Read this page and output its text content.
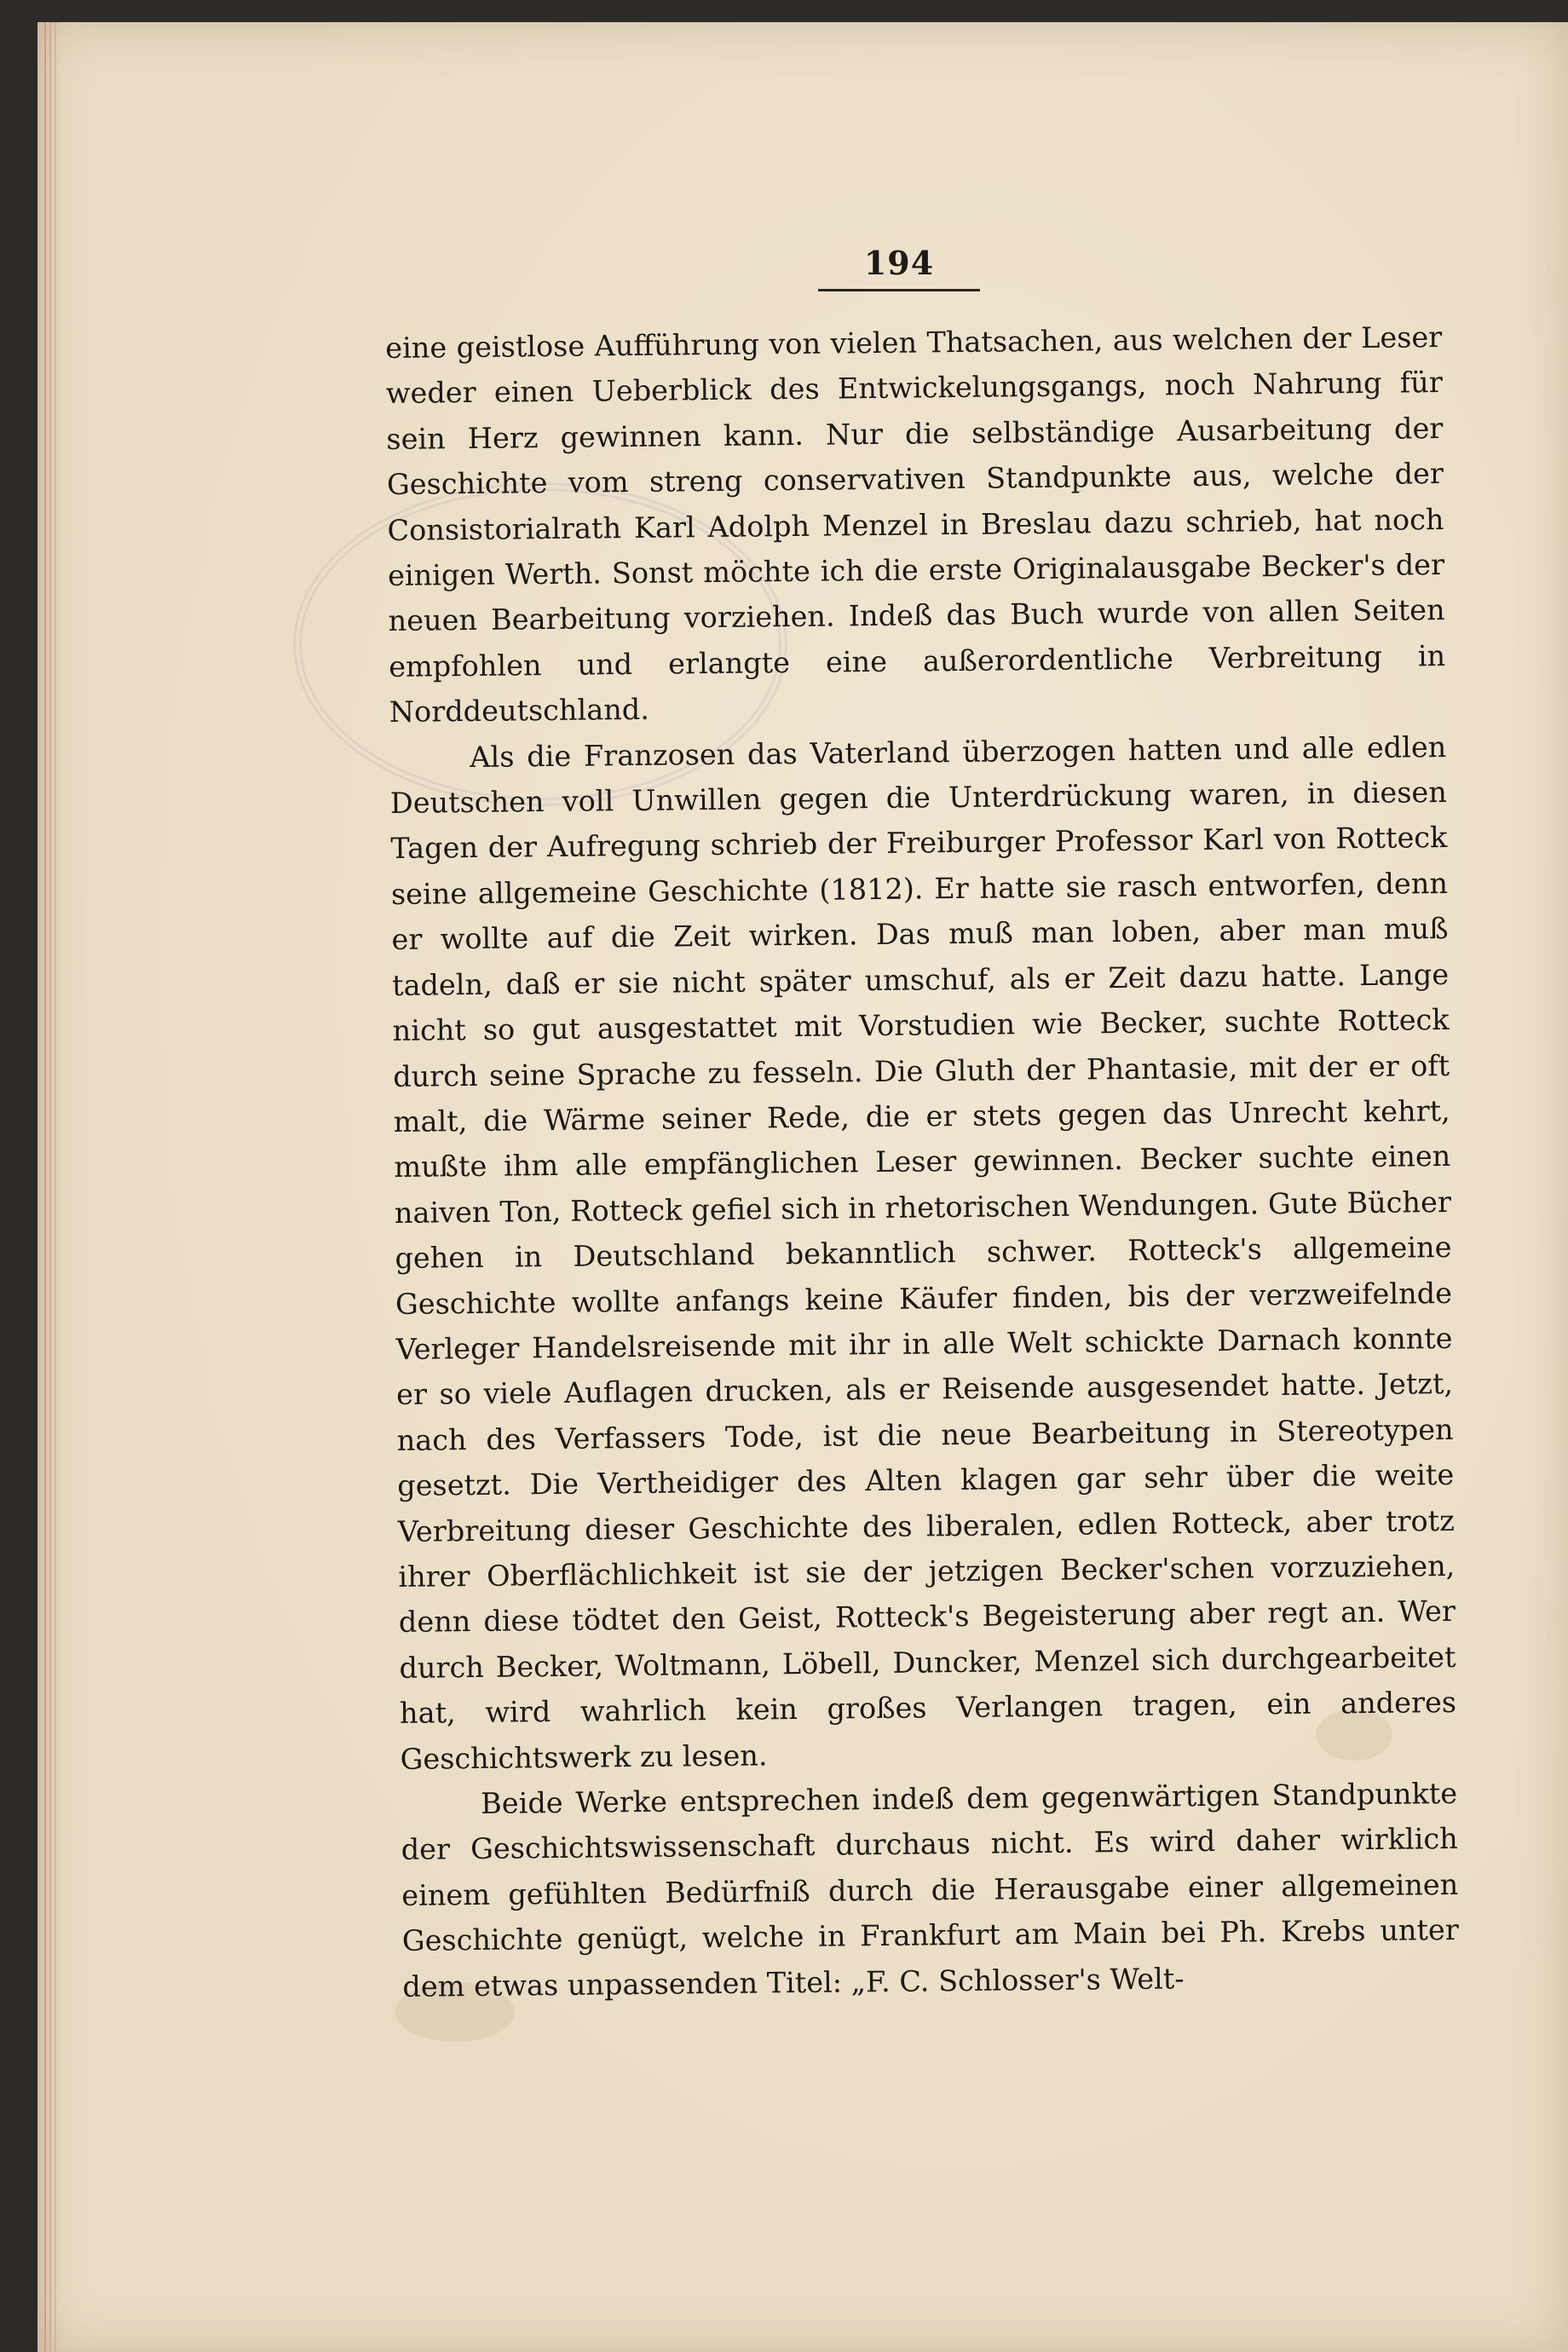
194

eine geistlose Aufführung von vielen Thatsachen, aus welchen der Leser weder einen Ueberblick des Entwickelungsgangs, noch Nahrung für sein Herz gewinnen kann. Nur die selbständige Ausarbeitung der Geschichte vom streng conservativen Standpunkte aus, welche der Consistorialrath Karl Adolph Menzel in Breslau dazu schrieb, hat noch einigen Werth. Sonst möchte ich die erste Originalausgabe Becker's der neuen Bearbeitung vorziehen. Indeß das Buch wurde von allen Seiten empfohlen und erlangte eine außerordentliche Verbreitung in Norddeutschland.

Als die Franzosen das Vaterland überzogen hatten und alle edlen Deutschen voll Unwillen gegen die Unterdrückung waren, in diesen Tagen der Aufregung schrieb der Freiburger Professor Karl von Rotteck seine allgemeine Geschichte (1812). Er hatte sie rasch entworfen, denn er wollte auf die Zeit wirken. Das muß man loben, aber man muß tadeln, daß er sie nicht später umschuf, als er Zeit dazu hatte. Lange nicht so gut ausgestattet mit Vorstudien wie Becker, suchte Rotteck durch seine Sprache zu fesseln. Die Gluth der Phantasie, mit der er oft malt, die Wärme seiner Rede, die er stets gegen das Unrecht kehrt, mußte ihm alle empfänglichen Leser gewinnen. Becker suchte einen naiven Ton, Rotteck gefiel sich in rhetorischen Wendungen. Gute Bücher gehen in Deutschland bekanntlich schwer. Rotteck's allgemeine Geschichte wollte anfangs keine Käufer finden, bis der verzweifelnde Verleger Handelsreisende mit ihr in alle Welt schickte Darnach konnte er so viele Auflagen drucken, als er Reisende ausgesendet hatte. Jetzt, nach des Verfassers Tode, ist die neue Bearbeitung in Stereotypen gesetzt. Die Vertheidiger des Alten klagen gar sehr über die weite Verbreitung dieser Geschichte des liberalen, edlen Rotteck, aber trotz ihrer Oberflächlichkeit ist sie der jetzigen Becker'schen vorzuziehen, denn diese tödtet den Geist, Rotteck's Begeisterung aber regt an. Wer durch Becker, Woltmann, Löbell, Duncker, Menzel sich durchgearbeitet hat, wird wahrlich kein großes Verlangen tragen, ein anderes Geschichtswerk zu lesen.

Beide Werke entsprechen indeß dem gegenwärtigen Standpunkte der Geschichtswissenschaft durchaus nicht. Es wird daher wirklich einem gefühlten Bedürfniß durch die Herausgabe einer allgemeinen Geschichte genügt, welche in Frankfurt am Main bei Ph. Krebs unter dem etwas unpassenden Titel: „F. C. Schlosser's Welt-
